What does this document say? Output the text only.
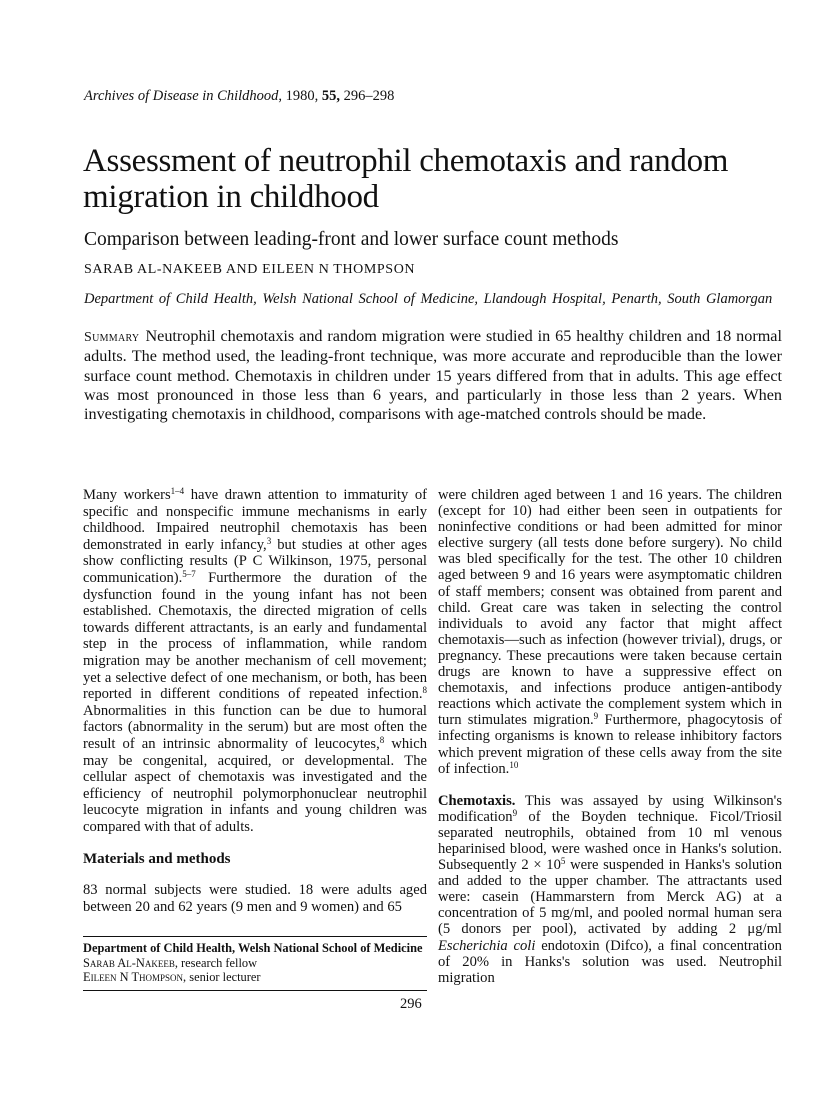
Archives of Disease in Childhood, 1980, 55, 296–298
Assessment of neutrophil chemotaxis and random migration in childhood
Comparison between leading-front and lower surface count methods
SARAB AL-NAKEEB AND EILEEN N THOMPSON
Department of Child Health, Welsh National School of Medicine, Llandough Hospital, Penarth, South Glamorgan
Summary Neutrophil chemotaxis and random migration were studied in 65 healthy children and 18 normal adults. The method used, the leading-front technique, was more accurate and reproducible than the lower surface count method. Chemotaxis in children under 15 years differed from that in adults. This age effect was most pronounced in those less than 6 years, and particularly in those less than 2 years. When investigating chemotaxis in childhood, comparisons with age-matched controls should be made.

Many workers$^{1-4}$ have drawn attention to immaturity of specific and nonspecific immune mechanisms in early childhood. Impaired neutrophil chemotaxis has been demonstrated in early infancy,$^3$ but studies at other ages show conflicting results (P C Wilkinson, 1975, personal communication).$^{5-7}$ Furthermore the duration of the dysfunction found in the young infant has not been established. Chemotaxis, the directed migration of cells towards different attractants, is an early and fundamental step in the process of inflammation, while random migration may be another mechanism of cell movement; yet a selective defect of one mechanism, or both, has been reported in different conditions of repeated infection.$^8$ Abnormalities in this function can be due to humoral factors (abnormality in the serum) but are most often the result of an intrinsic abnormality of leucocytes,$^8$ which may be congenital, acquired, or developmental. The cellular aspect of chemotaxis was investigated and the efficiency of neutrophil polymorphonuclear neutrophil leucocyte migration in infants and young children was compared with that of adults.

Materials and methods

83 normal subjects were studied. 18 were adults aged between 20 and 62 years (9 men and 9 women) and 65

were children aged between 1 and 16 years. The children (except for 10) had either been seen in outpatients for noninfective conditions or had been admitted for minor elective surgery (all tests done before surgery). No child was bled specifically for the test. The other 10 children aged between 9 and 16 years were asymptomatic children of staff members; consent was obtained from parent and child. Great care was taken in selecting the control individuals to avoid any factor that might affect chemotaxis—such as infection (however trivial), drugs, or pregnancy. These precautions were taken because certain drugs are known to have a suppressive effect on chemotaxis, and infections produce antigen-antibody reactions which activate the complement system which in turn stimulates migration.$^9$ Furthermore, phagocytosis of infecting organisms is known to release inhibitory factors which prevent migration of these cells away from the site of infection.$^{10}$

Chemotaxis. This was assayed by using Wilkinson's modification$^9$ of the Boyden technique. Ficol/Triosil separated neutrophils, obtained from 10 ml venous heparinised blood, were washed once in Hanks's solution. Subsequently $2 \times 10^5$ were suspended in Hanks's solution and added to the upper chamber. The attractants used were: casein (Hammarstern from Merck AG) at a concentration of 5 mg/ml, and pooled normal human sera (5 donors per pool), activated by adding 2 μg/ml Escherichia coli endotoxin (Difco), a final concentration of 20% in Hanks's solution was used. Neutrophil migration

Department of Child Health, Welsh National School of Medicine
Sarab Al-Nakeeb, research fellow
Eileen N Thompson, senior lecturer
296
